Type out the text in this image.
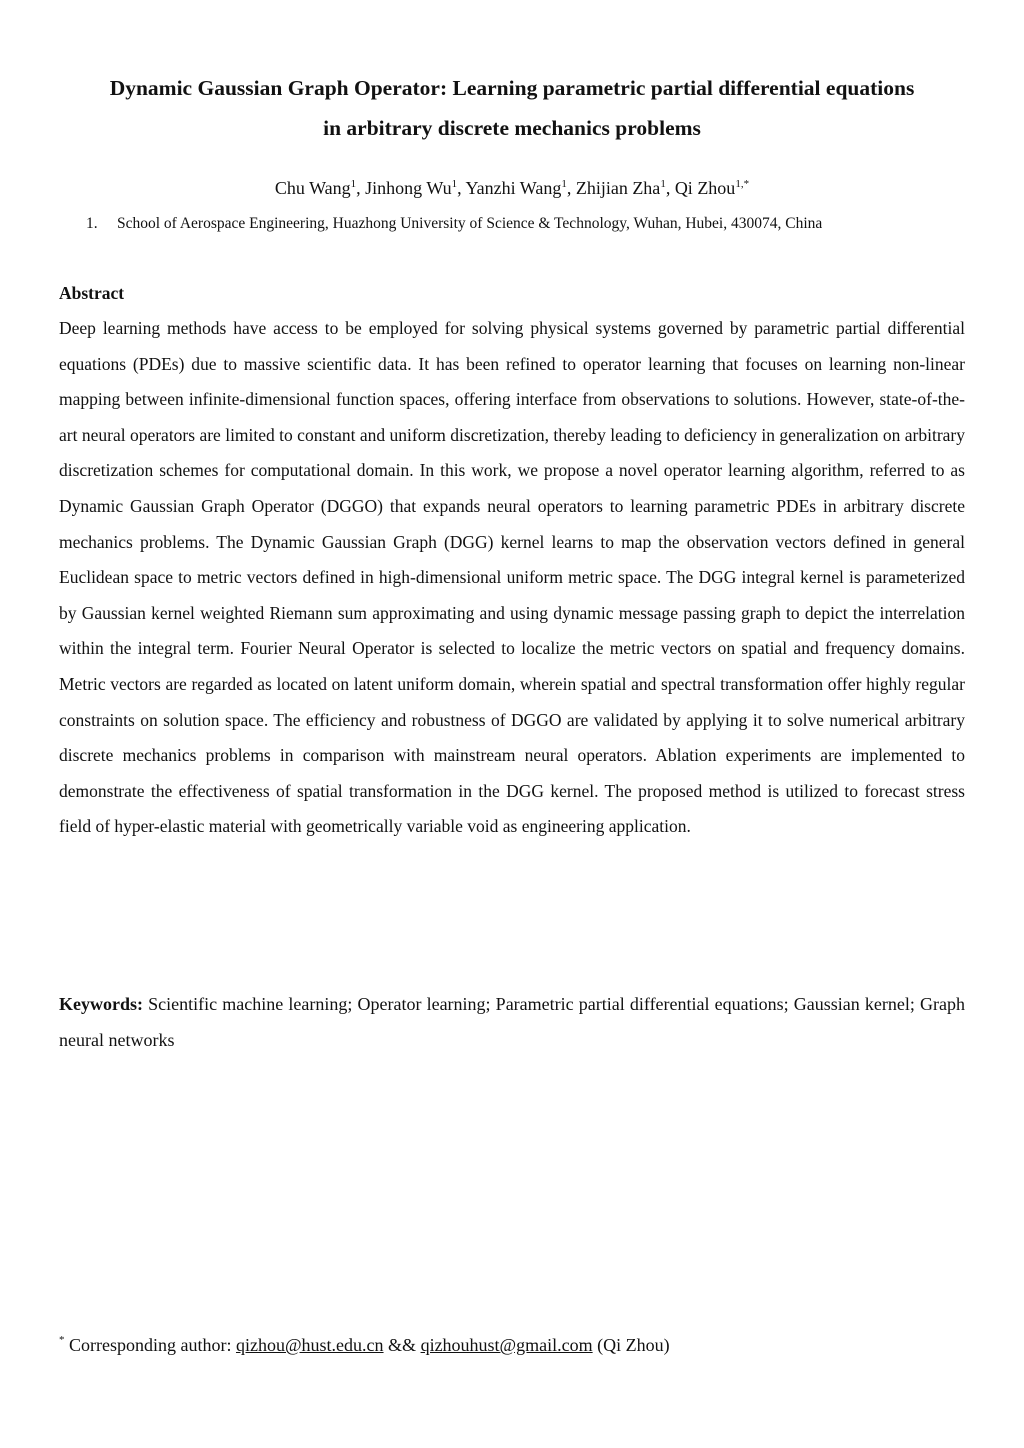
Dynamic Gaussian Graph Operator: Learning parametric partial differential equations
in arbitrary discrete mechanics problems
Chu Wang$^1$, Jinhong Wu$^1$, Yanzhi Wang$^1$, Zhijian Zha$^1$, Qi Zhou$^{1,*}$
1. School of Aerospace Engineering, Huazhong University of Science & Technology, Wuhan, Hubei, 430074, China
Abstract

Deep learning methods have access to be employed for solving physical systems governed by parametric partial differential equations (PDEs) due to massive scientific data. It has been refined to operator learning that focuses on learning non-linear mapping between infinite-dimensional function spaces, offering interface from observations to solutions. However, state-of-the-art neural operators are limited to constant and uniform discretization, thereby leading to deficiency in generalization on arbitrary discretization schemes for computational domain. In this work, we propose a novel operator learning algorithm, referred to as Dynamic Gaussian Graph Operator (DGGO) that expands neural operators to learning parametric PDEs in arbitrary discrete mechanics problems. The Dynamic Gaussian Graph (DGG) kernel learns to map the observation vectors defined in general Euclidean space to metric vectors defined in high-dimensional uniform metric space. The DGG integral kernel is parameterized by Gaussian kernel weighted Riemann sum approximating and using dynamic message passing graph to depict the interrelation within the integral term. Fourier Neural Operator is selected to localize the metric vectors on spatial and frequency domains. Metric vectors are regarded as located on latent uniform domain, wherein spatial and spectral transformation offer highly regular constraints on solution space. The efficiency and robustness of DGGO are validated by applying it to solve numerical arbitrary discrete mechanics problems in comparison with mainstream neural operators. Ablation experiments are implemented to demonstrate the effectiveness of spatial transformation in the DGG kernel. The proposed method is utilized to forecast stress field of hyper-elastic material with geometrically variable void as engineering application.

Keywords: Scientific machine learning; Operator learning; Parametric partial differential equations; Gaussian kernel; Graph neural networks

* Corresponding author: qizhou@hust.edu.cn && qizhouhust@gmail.com (Qi Zhou)
